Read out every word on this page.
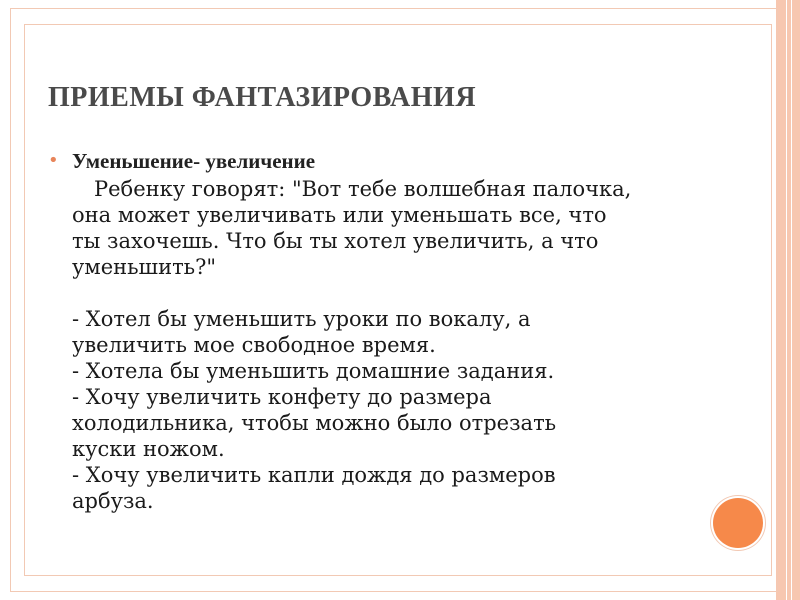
ПРИЕМЫ ФАНТАЗИРОВАНИЯ
• Уменьшение- увеличение
Ребенку говорят: "Вот тебе волшебная палочка,
она может увеличивать или уменьшать все, что
ты захочешь. Что бы ты хотел увеличить, а что
уменьшить?"
- Хотел бы уменьшить уроки по вокалу, а
увеличить мое свободное время.
- Хотела бы уменьшить домашние задания.
- Хочу увеличить конфету до размера
холодильника, чтобы можно было отрезать
куски ножом.
- Хочу увеличить капли дождя до размеров
арбуза.
